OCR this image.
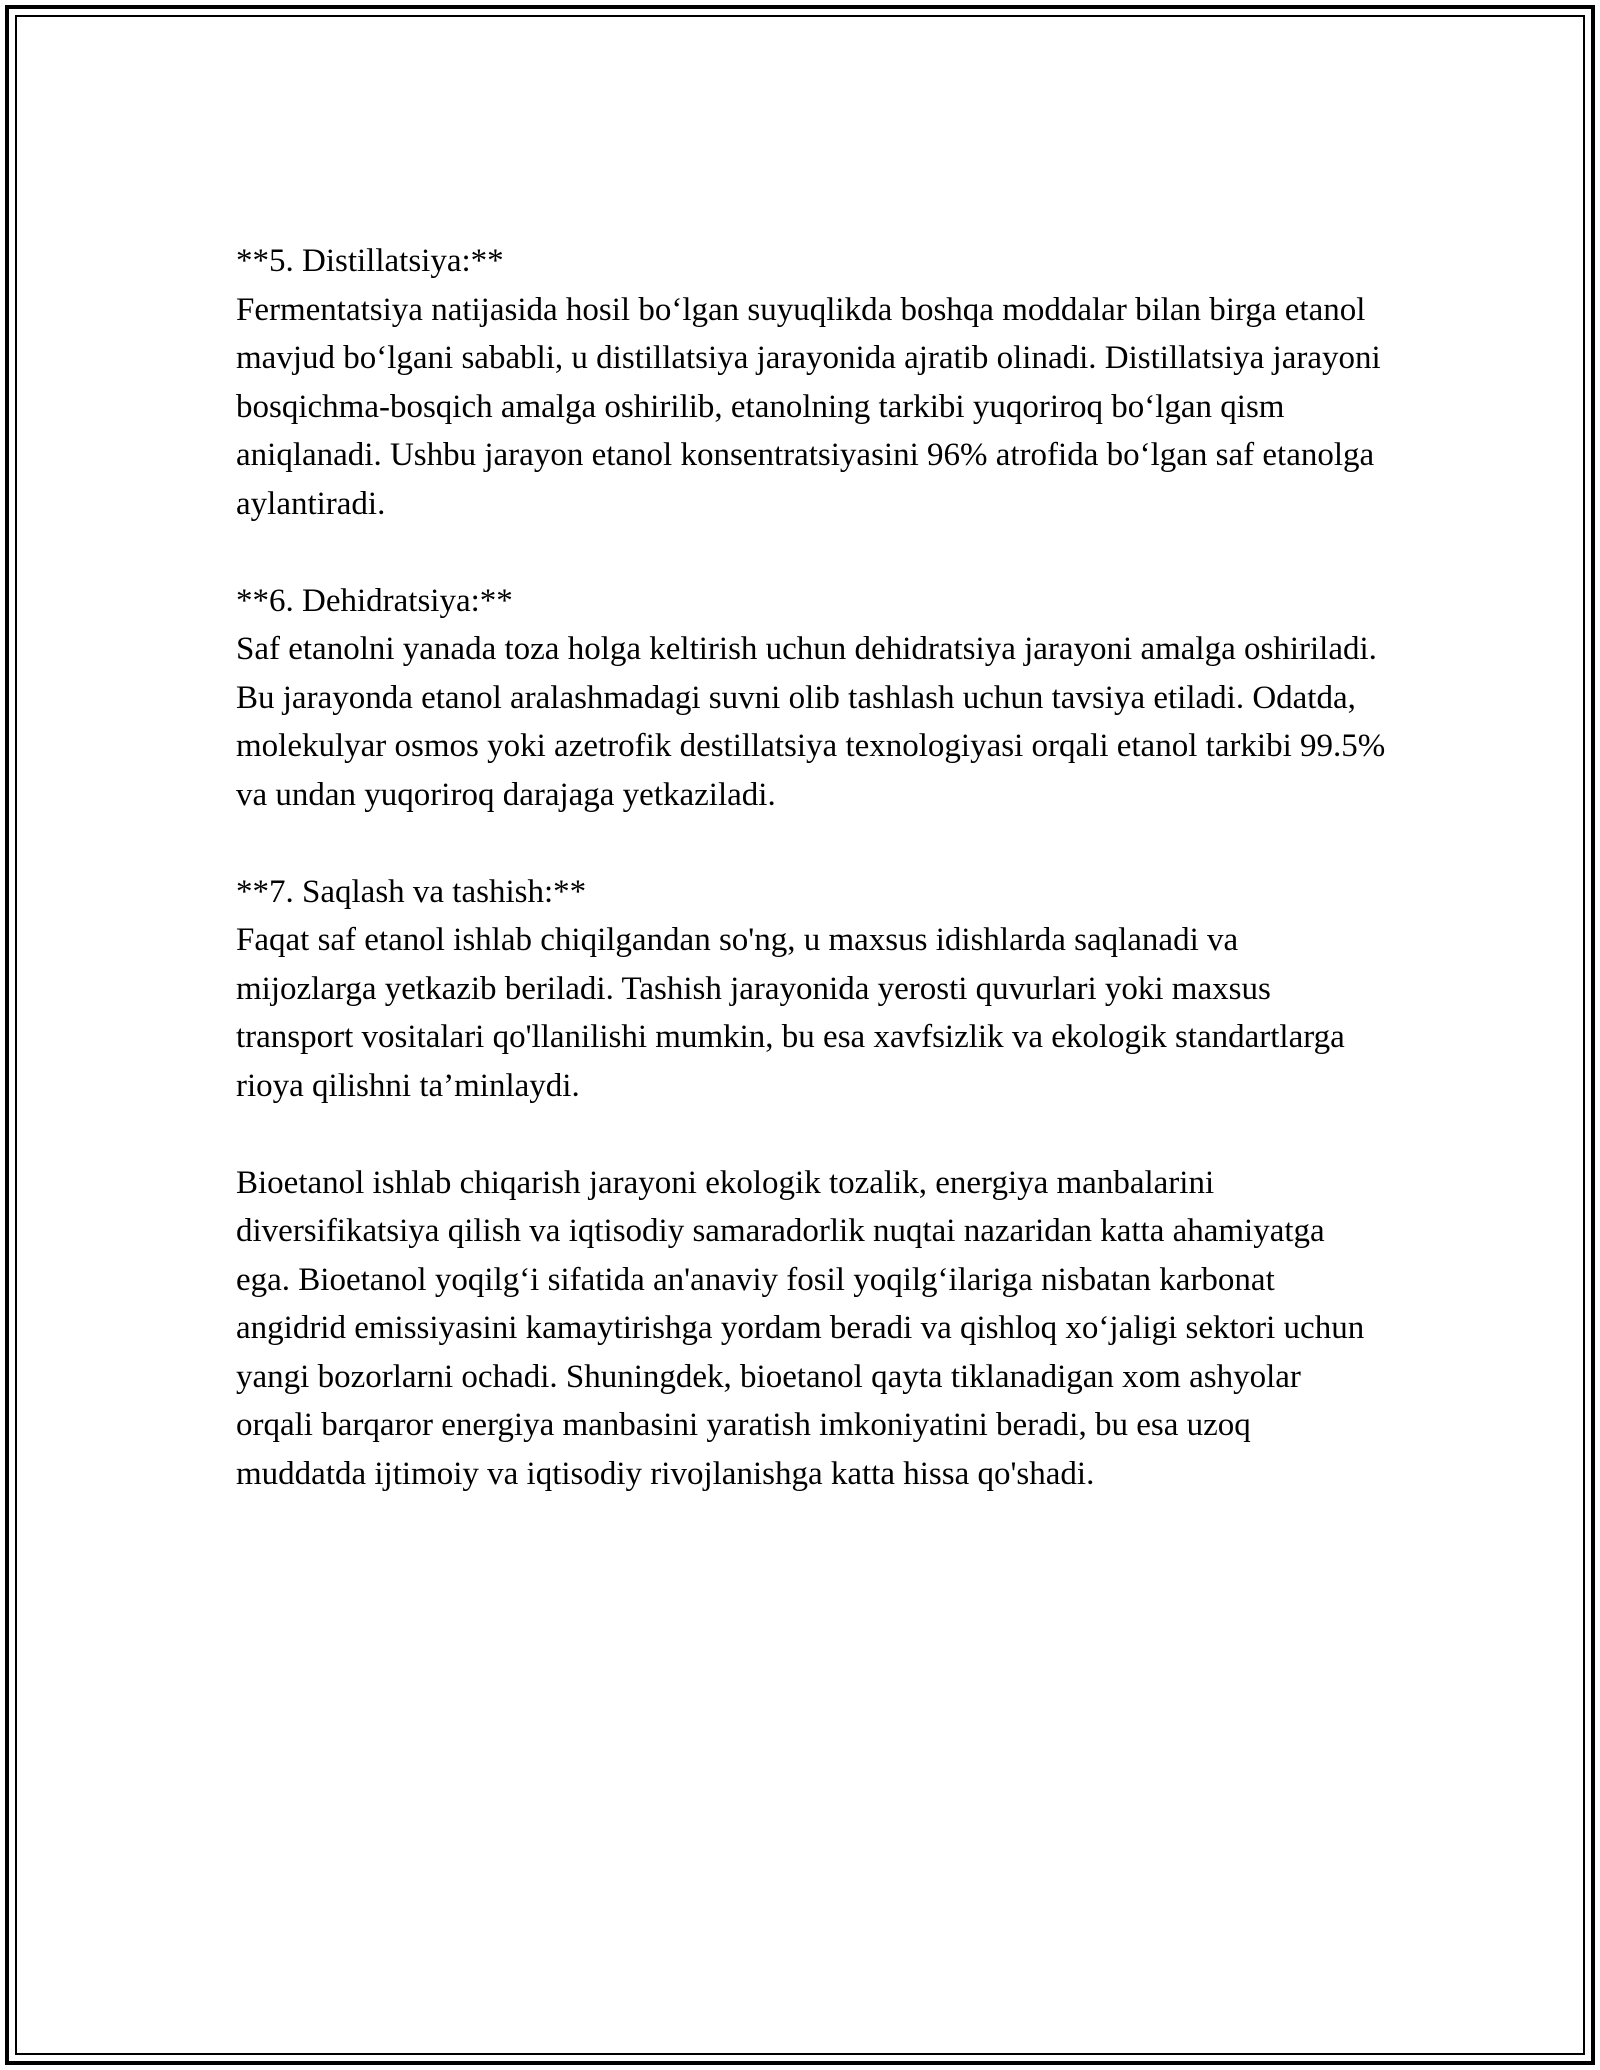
**5. Distillatsiya:**

Fermentatsiya natijasida hosil bo‘lgan suyuqlikda boshqa moddalar bilan birga etanol mavjud bo‘lgani sababli, u distillatsiya jarayonida ajratib olinadi. Distillatsiya jarayoni bosqichma-bosqich amalga oshirilib, etanolning tarkibi yuqoriroq bo‘lgan qism aniqlanadi. Ushbu jarayon etanol konsentratsiyasini 96% atrofida bo‘lgan saf etanolga aylantiradi.

**6. Dehidratsiya:**

Saf etanolni yanada toza holga keltirish uchun dehidratsiya jarayoni amalga oshiriladi. Bu jarayonda etanol aralashmadagi suvni olib tashlash uchun tavsiya etiladi. Odatda, molekulyar osmos yoki azetrofik destillatsiya texnologiyasi orqali etanol tarkibi 99.5% va undan yuqoriroq darajaga yetkaziladi.

**7. Saqlash va tashish:**

Faqat saf etanol ishlab chiqilgandan so'ng, u maxsus idishlarda saqlanadi va mijozlarga yetkazib beriladi. Tashish jarayonida yerosti quvurlari yoki maxsus transport vositalari qo'llanilishi mumkin, bu esa xavfsizlik va ekologik standartlarga rioya qilishni ta’minlaydi.

Bioetanol ishlab chiqarish jarayoni ekologik tozalik, energiya manbalarini diversifikatsiya qilish va iqtisodiy samaradorlik nuqtai nazaridan katta ahamiyatga ega. Bioetanol yoqilg‘i sifatida an'anaviy fosil yoqilg‘ilariga nisbatan karbonat angidrid emissiyasini kamaytirishga yordam beradi va qishloq xo‘jaligi sektori uchun yangi bozorlarni ochadi. Shuningdek, bioetanol qayta tiklanadigan xom ashyolar orqali barqaror energiya manbasini yaratish imkoniyatini beradi, bu esa uzoq muddatda ijtimoiy va iqtisodiy rivojlanishga katta hissa qo'shadi.
